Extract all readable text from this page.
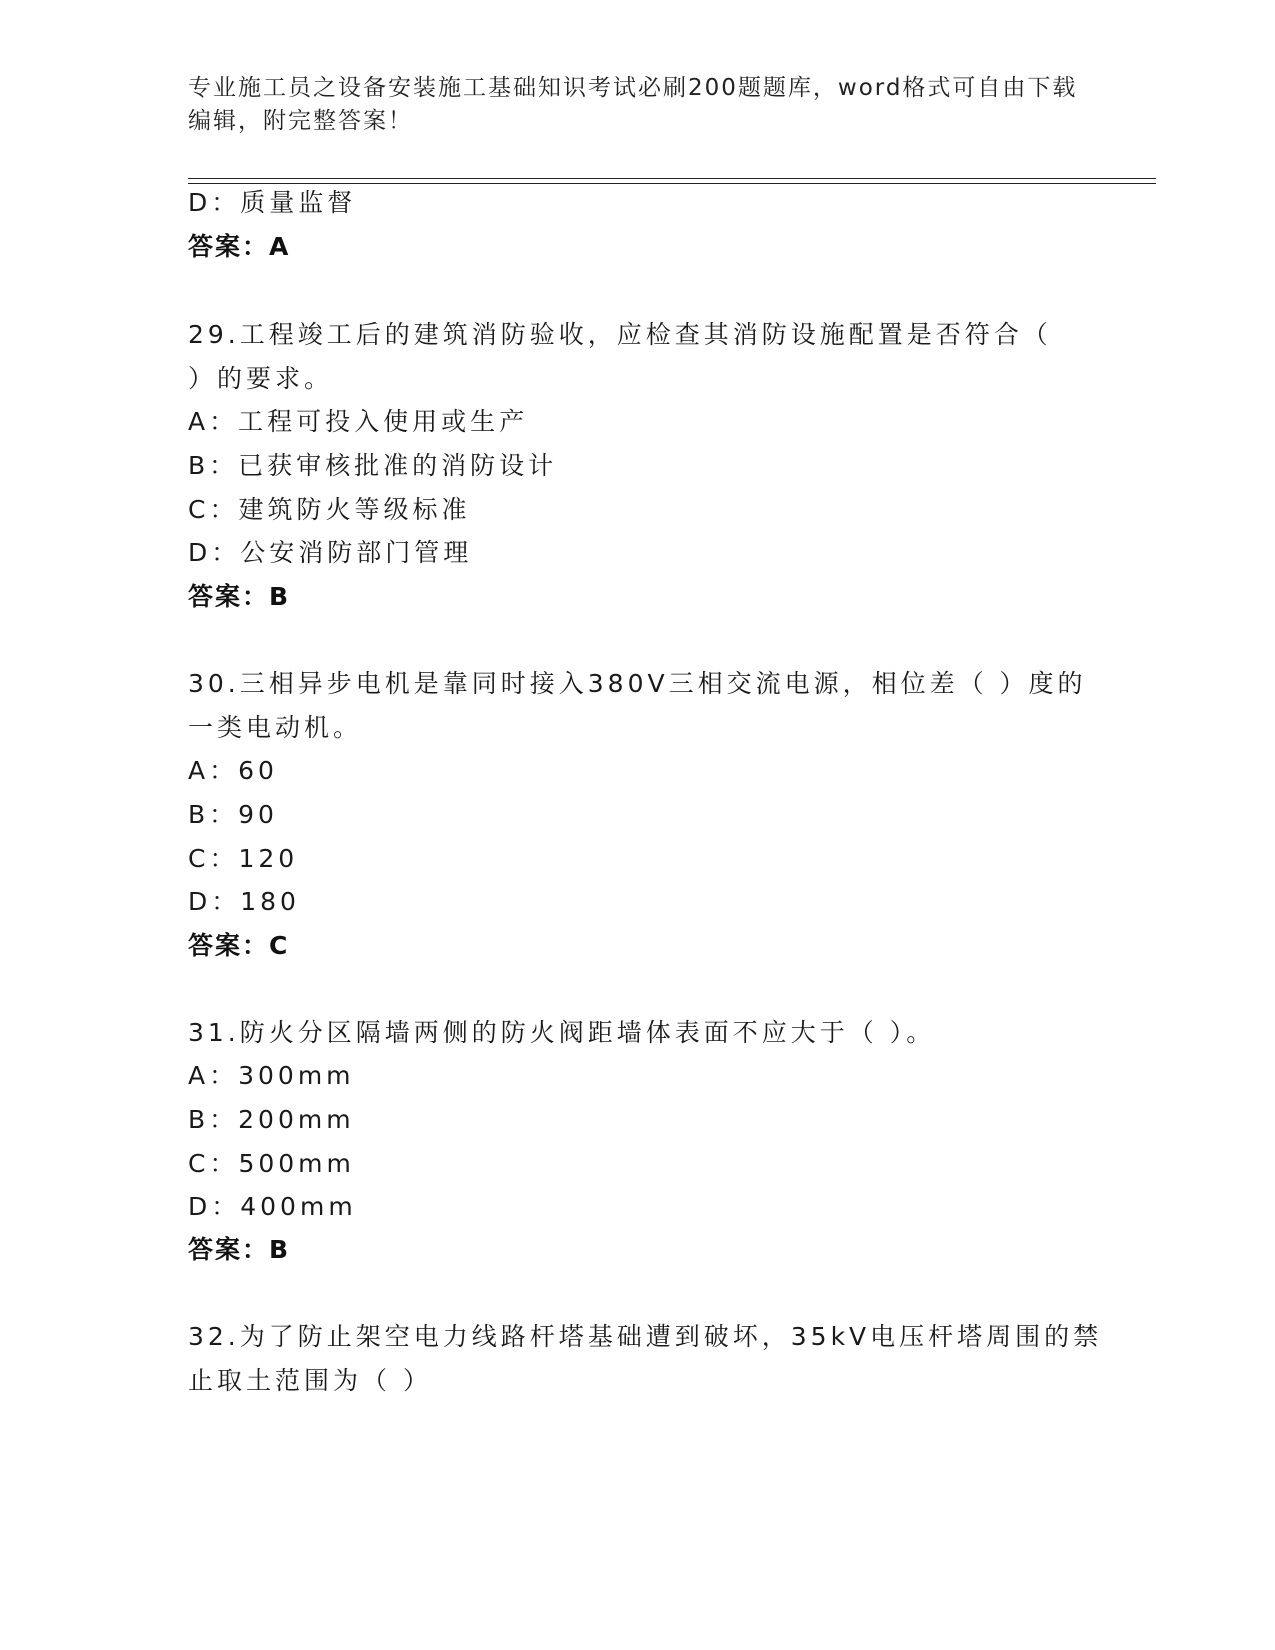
专业施工员之设备安装施工基础知识考试必刷200题题库，word格式可自由下载
编辑，附完整答案！
D：质量监督
答案：A
29.工程竣工后的建筑消防验收，应检查其消防设施配置是否符合（
）的要求。
A：工程可投入使用或生产
B：已获审核批准的消防设计
C：建筑防火等级标准
D：公安消防部门管理
答案：B
30.三相异步电机是靠同时接入380V三相交流电源，相位差（ ）度的
一类电动机。
A：60
B：90
C：120
D：180
答案：C
31.防火分区隔墙两侧的防火阀距墙体表面不应大于（ ）。
A：300mm
B：200mm
C：500mm
D：400mm
答案：B
32.为了防止架空电力线路杆塔基础遭到破坏，35kV电压杆塔周围的禁
止取土范围为（ ）
